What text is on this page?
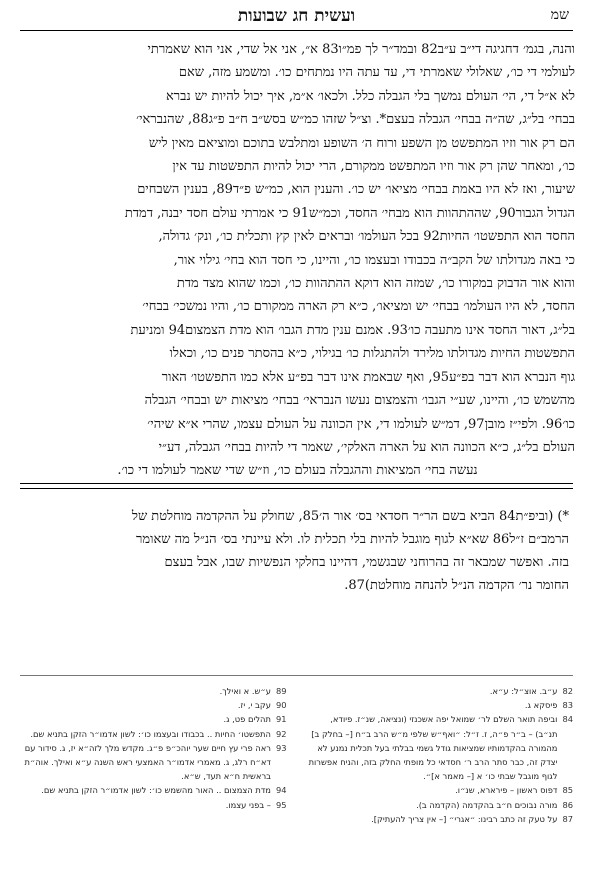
שמ
ועשית חג שבועות
והנה, בגמ׳ דחגיגה די״ב ע״ב82 ובמד״ר לך פמ״ו83 א״, אני אל שדי, אני הוא שאמרתי
לעולמי די כו׳, שאלולי שאמרתי די, עד עתה היו נמתחים כו׳. ומשמע מזה, שאם
לא א״ל די, הי׳ העולם נמשך בלי הגבלה כלל. ולכאו׳ א״מ, איך יכול להיות יש נברא
בבחי׳ בל״ג, שה״ה בבחי׳ הגבלה בעצם*. וצ״ל שזהו כמ״ש בסש״ב ח״ב פ״ג88, שהנבראי׳
הם רק אור וזיו המתפשט מן השפע ורוח ה׳ השופע ומתלבש בתוכם ומוציאם מאין ליש
כו׳, ומאחר שהן רק אור וזיו המתפשט ממקורם, הרי יכול להיות התפשטות עד אין
שיעור, ואז לא היו באמת בבחי׳ מציאו׳ יש כו׳. והענין הוא, כמ״ש פ״ד89, בענין השבחים
הגדול הגבור90, שההתהוות הוא מבחי׳ החסד, וכמ״ש91 כי אמרתי עולם חסד יבנה, דמדת
החסד הוא התפשטו׳ החיות92 בכל העולמו׳ ובראים לאין קץ ותכלית כו׳, ונק׳ גדולה,
כי באה מגדולתו של הקב״ה בכבודו ובעצמו כו׳, והיינו, כי חסד הוא בחי׳ גילוי אור,
והוא אור הדבוק במקורו כו׳, שמזה הוא דוקא ההתהוות כו׳, וכמו שהוא מצד מדת
החסד, לא היו העולמו׳ בבחי׳ יש ומציאו׳, כ״א רק הארה ממקורם כו׳, והיו נמשכי׳ בבחי׳
בל״ג, דאור החסד אינו מתעבה כו׳93. אמנם ענין מדת הגבו׳ הוא מדת הצמצום94 ומניעת
התפשטות החיות מגדולתו מלירד ולהתגלות כו׳ בגילוי, כ״א בהסתר פנים כו׳, וכאלו
גוף הנברא הוא דבר בפ״ע95, ואף שבאמת אינו דבר בפ״ע אלא כמו התפשטו׳ האור
מהשמש כו׳, והיינו, שע״י הגבו׳ והצמצום נעשו הנבראי׳ בבחי׳ מציאות יש ובבחי׳ הגבלה
כו׳96. ולפי״ז מובן97, דמ״ש לעולמו די, אין הכוונה על העולם עצמו, שהרי א״א שיהי׳
העולם בל״ג, כ״א הכוונה הוא על הארה האלקי׳, שאמר די להיות בבחי׳ הגבלה, דע״י
נעשה בחי׳ המציאות וההגבלה בעולם כו׳, וז״ש שדי שאמר לעולמו די כו׳.
*) (וביפ״ת84 הביא בשם הר״ר חסדאי בס׳ אור ה׳85, שחולק על ההקדמה מוחלטת של
הרמב״ם ז״ל86 שא״א לגוף מוגבל להיות בלי תכלית לו. ולא עיינתי בס׳ הנ״ל מה שאומר
בזה. ואפשר שמבאר זה בהרוחני שבגשמי, דהיינו בחלקי הנפשיות שבו, אבל בעצם
החומר נר׳ הקדמה הנ״ל להנחה מוחלטת)87.
82
ע״ב. אוצ״ל: ע״א.
83
פיסקא ג.
84
וביפה תואר השלם לר׳ שמואל יפה אשכנזי (ונציאה, שנ״ז. פיודא, תנ״ב) – ב״ר פ״ה, ז. ז״ל: ״ואף״ש שלפי מ״ש הרב ב״ח [– בחלק ב] מהמורה בהקדמותיו שמציאות גודל גשמי בבלתי בעל תכלית נמנע לא יצדק זה, כבר סתר הרב ר׳ חסדאי כל מופתי החלק בזה, והניח אפשרות לגוף מוגבל שבתי כו׳ א [– מאמר א]״.
85
דפוס ראשון – פירארא, שנ״ו.
86
מורה נבוכים ח״ב בהקדמה (הקדמה ב).
87
על טעק זה כתב רבינו: ״אגרי״ [– אין צריך להעתיק].
89
ע״ש. א ואילך.
90
עקב י, יז.
91
תהלים פט, ג.
92
התפשטו׳ החיות .. בכבודו ובעצמו כו׳: לשון אדמו״ר הזקן בתניא שם.
93
ראה פרי עץ חיים שער יוהכ״פ פ״ג. מקדש מלך לזה״א יז, ג. סידור עם דא״ח רלג, ג. מאמרי אדמו״ר האמצעי ראש השנה ע״א ואילך. אוה״ת בראשית ח״א תעד, ש״א.
94
מדת הצמצום .. האור מהשמש כו׳: לשון אדמו״ר הזקן בתניא שם.
95
– בפני עצמו.
